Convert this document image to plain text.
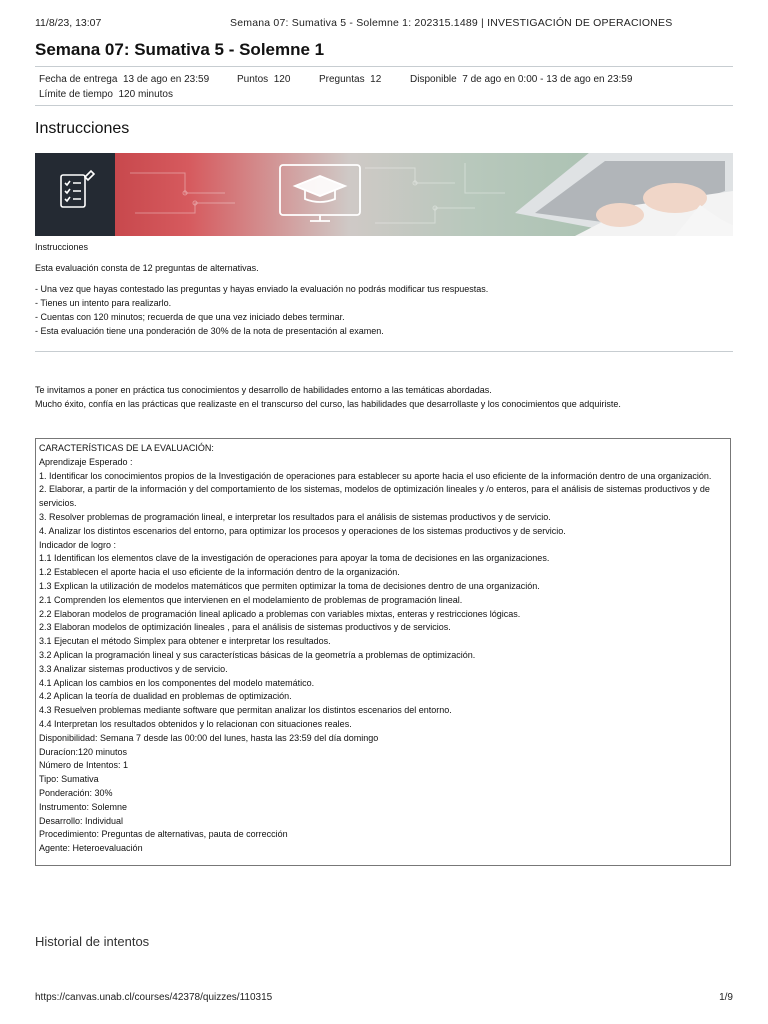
11/8/23, 13:07	Semana 07: Sumativa 5 - Solemne 1: 202315.1489 | INVESTIGACIÓN DE OPERACIONES
Semana 07: Sumativa 5 - Solemne 1
Fecha de entrega 13 de ago en 23:59	Puntos 120	Preguntas 12	Disponible 7 de ago en 0:00 - 13 de ago en 23:59
Límite de tiempo 120 minutos
Instrucciones
Instrucciones
Esta evaluación consta de 12 preguntas de alternativas.
- Una vez que hayas contestado las preguntas y hayas enviado la evaluación no podrás modificar tus respuestas.
- Tienes un intento para realizarlo.
- Cuentas con 120 minutos; recuerda de que una vez iniciado debes terminar.
- Esta evaluación tiene una ponderación de 30% de la nota de presentación al examen.
Te invitamos a poner en práctica tus conocimientos y desarrollo de habilidades entorno a las temáticas abordadas.
Mucho éxito, confía en las prácticas que realizaste en el transcurso del curso, las habilidades que desarrollaste y los conocimientos que adquiriste.
CARACTERÍSTICAS DE LA EVALUACIÓN:
Aprendizaje Esperado :
1. Identificar los conocimientos propios de la Investigación de operaciones para establecer su aporte hacia el uso eficiente de la información dentro de una organización.
2. Elaborar, a partir de la información y del comportamiento de los sistemas, modelos de optimización lineales y /o enteros, para el análisis de sistemas productivos y de servicios.
3. Resolver problemas de programación lineal, e interpretar los resultados para el análisis de sistemas productivos y de servicio.
4. Analizar los distintos escenarios del entorno, para optimizar los procesos y operaciones de los sistemas productivos y de servicio.
Indicador de logro :
1.1 Identifican los elementos clave de la investigación de operaciones para apoyar la toma de decisiones en las organizaciones.
1.2 Establecen el aporte hacia el uso eficiente de la información dentro de la organización.
1.3 Explican la utilización de modelos matemáticos que permiten optimizar la toma de decisiones dentro de una organización.
2.1 Comprenden los elementos que intervienen en el modelamiento de problemas de programación lineal.
2.2 Elaboran modelos de programación lineal aplicado a problemas con variables mixtas, enteras y restricciones lógicas.
2.3 Elaboran modelos de optimización lineales , para el análisis de sistemas productivos y de servicios.
3.1 Ejecutan el método Simplex para obtener e interpretar los resultados.
3.2 Aplican la programación lineal y sus características básicas de la geometría a problemas de optimización.
3.3 Analizar sistemas productivos y de servicio.
4.1 Aplican los cambios en los componentes del modelo matemático.
4.2 Aplican la teoría de dualidad en problemas de optimización.
4.3 Resuelven problemas mediante software que permitan analizar los distintos escenarios del entorno.
4.4 Interpretan los resultados obtenidos y lo relacionan con situaciones reales.
Disponibilidad: Semana 7 desde las 00:00 del lunes, hasta las 23:59 del día domingo
Duracíon:120 minutos
Número de Intentos: 1
Tipo: Sumativa
Ponderación: 30%
Instrumento: Solemne
Desarrollo: Individual
Procedimiento: Preguntas de alternativas, pauta de corrección
Agente: Heteroevaluación
Historial de intentos
https://canvas.unab.cl/courses/42378/quizzes/110315	1/9
